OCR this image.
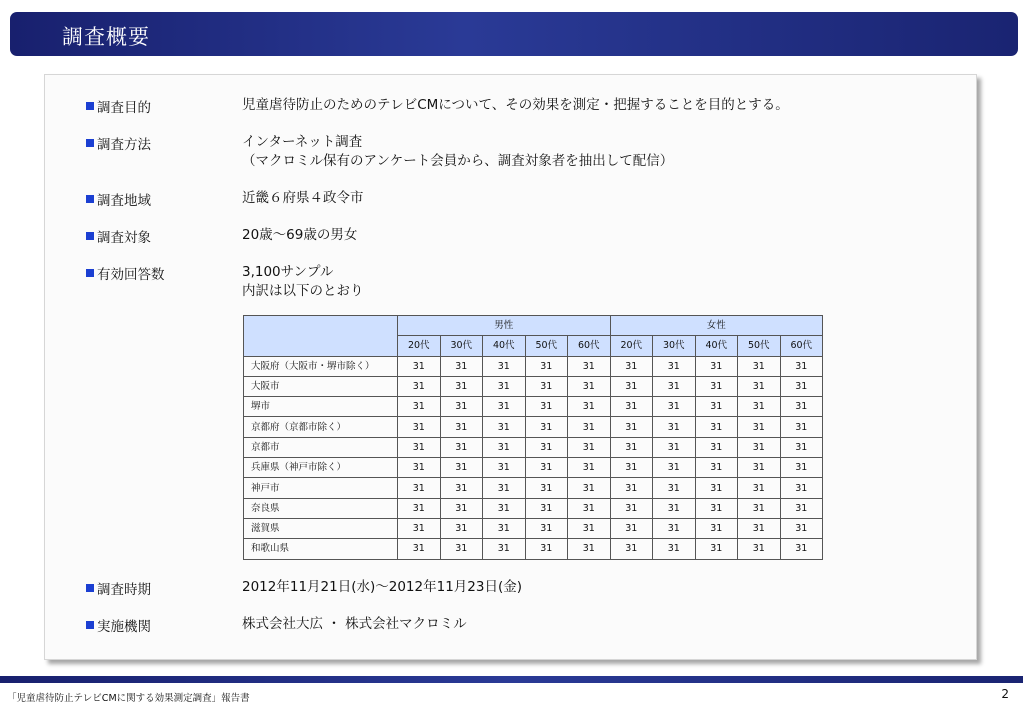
調査概要
調査目的	児童虐待防止のためのテレビCMについて、その効果を測定・把握することを目的とする。
調査方法	インターネット調査
（マクロミル保有のアンケート会員から、調査対象者を抽出して配信）
調査地域	近畿６府県４政令市
調査対象	20歳～69歳の男女
有効回答数	3,100サンプル
内訳は以下のとおり
	男性					女性				
	20代	30代	40代	50代	60代	20代	30代	40代	50代	60代
大阪府（大阪市・堺市除く）	31	31	31	31	31	31	31	31	31	31
大阪市	31	31	31	31	31	31	31	31	31	31
堺市	31	31	31	31	31	31	31	31	31	31
京都府（京都市除く）	31	31	31	31	31	31	31	31	31	31
京都市	31	31	31	31	31	31	31	31	31	31
兵庫県（神戸市除く）	31	31	31	31	31	31	31	31	31	31
神戸市	31	31	31	31	31	31	31	31	31	31
奈良県	31	31	31	31	31	31	31	31	31	31
滋賀県	31	31	31	31	31	31	31	31	31	31
和歌山県	31	31	31	31	31	31	31	31	31	31
調査時期	2012年11月21日(水)～2012年11月23日(金)
実施機関	株式会社大広 ・ 株式会社マクロミル
「児童虐待防止テレビCMに関する効果測定調査」報告書	2
